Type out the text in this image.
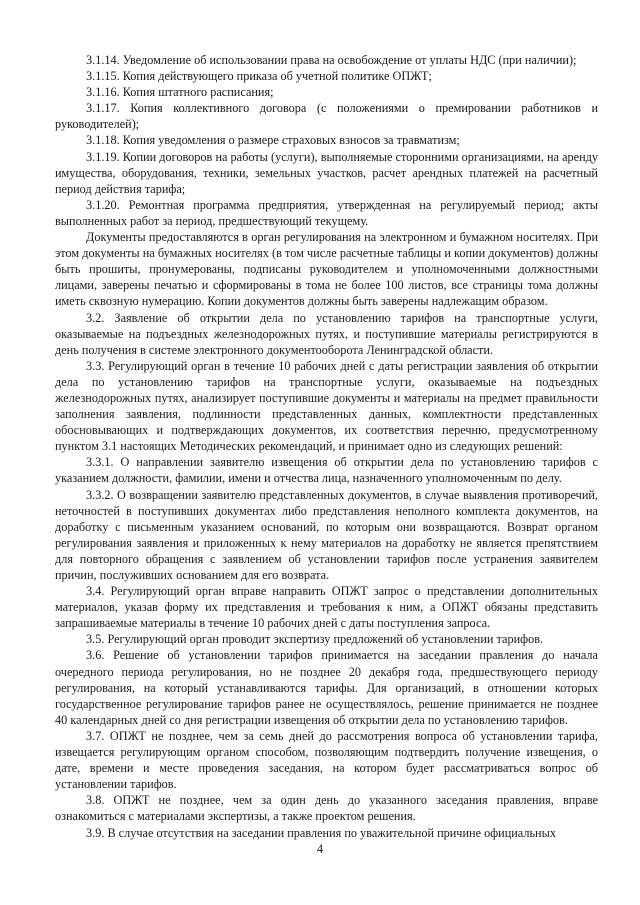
3.1.14. Уведомление об использовании права на освобождение от уплаты НДС (при наличии);

3.1.15. Копия действующего приказа об учетной политике ОПЖТ;

3.1.16. Копия штатного расписания;

3.1.17. Копия коллективного договора (с положениями о премировании работников и руководителей);

3.1.18. Копия уведомления о размере страховых взносов за травматизм;

3.1.19. Копии договоров на работы (услуги), выполняемые сторонними организациями, на аренду имущества, оборудования, техники, земельных участков, расчет арендных платежей на расчетный период действия тарифа;

3.1.20. Ремонтная программа предприятия, утвержденная на регулируемый период; акты выполненных работ за период, предшествующий текущему.

Документы предоставляются в орган регулирования на электронном и бумажном носителях. При этом документы на бумажных носителях (в том числе расчетные таблицы и копии документов) должны быть прошиты, пронумерованы, подписаны руководителем и уполномоченными должностными лицами, заверены печатью и сформированы в тома не более 100 листов, все страницы тома должны иметь сквозную нумерацию. Копии документов должны быть заверены надлежащим образом.

3.2. Заявление об открытии дела по установлению тарифов на транспортные услуги, оказываемые на подъездных железнодорожных путях, и поступившие материалы регистрируются в день получения в системе электронного документооборота Ленинградской области.

3.3. Регулирующий орган в течение 10 рабочих дней с даты регистрации заявления об открытии дела по установлению тарифов на транспортные услуги, оказываемые на подъездных железнодорожных путях, анализирует поступившие документы и материалы на предмет правильности заполнения заявления, подлинности представленных данных, комплектности представленных обосновывающих и подтверждающих документов, их соответствия перечню, предусмотренному пунктом 3.1 настоящих Методических рекомендаций, и принимает одно из следующих решений:

3.3.1. О направлении заявителю извещения об открытии дела по установлению тарифов с указанием должности, фамилии, имени и отчества лица, назначенного уполномоченным по делу.

3.3.2. О возвращении заявителю представленных документов, в случае выявления противоречий, неточностей в поступивших документах либо представления неполного комплекта документов, на доработку с письменным указанием оснований, по которым они возвращаются. Возврат органом регулирования заявления и приложенных к нему материалов на доработку не является препятствием для повторного обращения с заявлением об установлении тарифов после устранения заявителем причин, послуживших основанием для его возврата.

3.4. Регулирующий орган вправе направить ОПЖТ запрос о представлении дополнительных материалов, указав форму их представления и требования к ним, а ОПЖТ обязаны представить запрашиваемые материалы в течение 10 рабочих дней с даты поступления запроса.

3.5. Регулирующий орган проводит экспертизу предложений об установлении тарифов.

3.6. Решение об установлении тарифов принимается на заседании правления до начала очередного периода регулирования, но не позднее 20 декабря года, предшествующего периоду регулирования, на который устанавливаются тарифы. Для организаций, в отношении которых государственное регулирование тарифов ранее не осуществлялось, решение принимается не позднее 40 календарных дней со дня регистрации извещения об открытии дела по установлению тарифов.

3.7. ОПЖТ не позднее, чем за семь дней до рассмотрения вопроса об установлении тарифа, извещается регулирующим органом способом, позволяющим подтвердить получение извещения, о дате, времени и месте проведения заседания, на котором будет рассматриваться вопрос об установлении тарифов.

3.8. ОПЖТ не позднее, чем за один день до указанного заседания правления, вправе ознакомиться с материалами экспертизы, а также проектом решения.

3.9. В случае отсутствия на заседании правления по уважительной причине официальных

4
